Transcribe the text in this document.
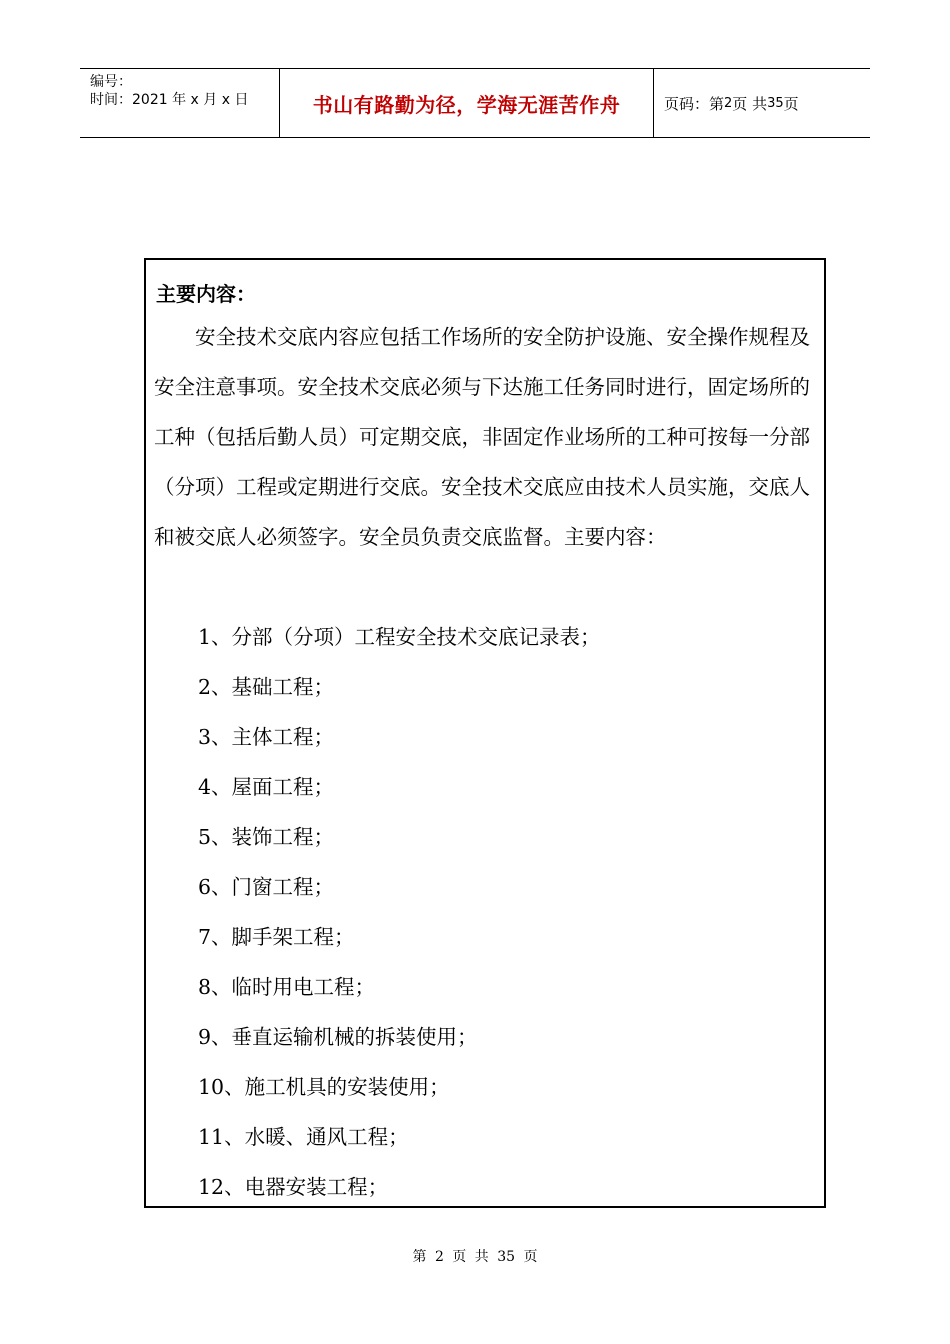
编号：
时间：2021 年 x 月 x 日	书山有路勤为径，学海无涯苦作舟	页码：第 2 页 共 35 页
主要内容：

安全技术交底内容应包括工作场所的安全防护设施、安全操作规程及安全注意事项。安全技术交底必须与下达施工任务同时进行，固定场所的工种（包括后勤人员）可定期交底，非固定作业场所的工种可按每一分部（分项）工程或定期进行交底。安全技术交底应由技术人员实施，交底人和被交底人必须签字。安全员负责交底监督。主要内容：

1、分部（分项）工程安全技术交底记录表；
2、基础工程；
3、主体工程；
4、屋面工程；
5、装饰工程；
6、门窗工程；
7、脚手架工程；
8、临时用电工程；
9、垂直运输机械的拆装使用；
10、施工机具的安装使用；
11、水暖、通风工程；
12、电器安装工程；
第 2 页 共 35 页
